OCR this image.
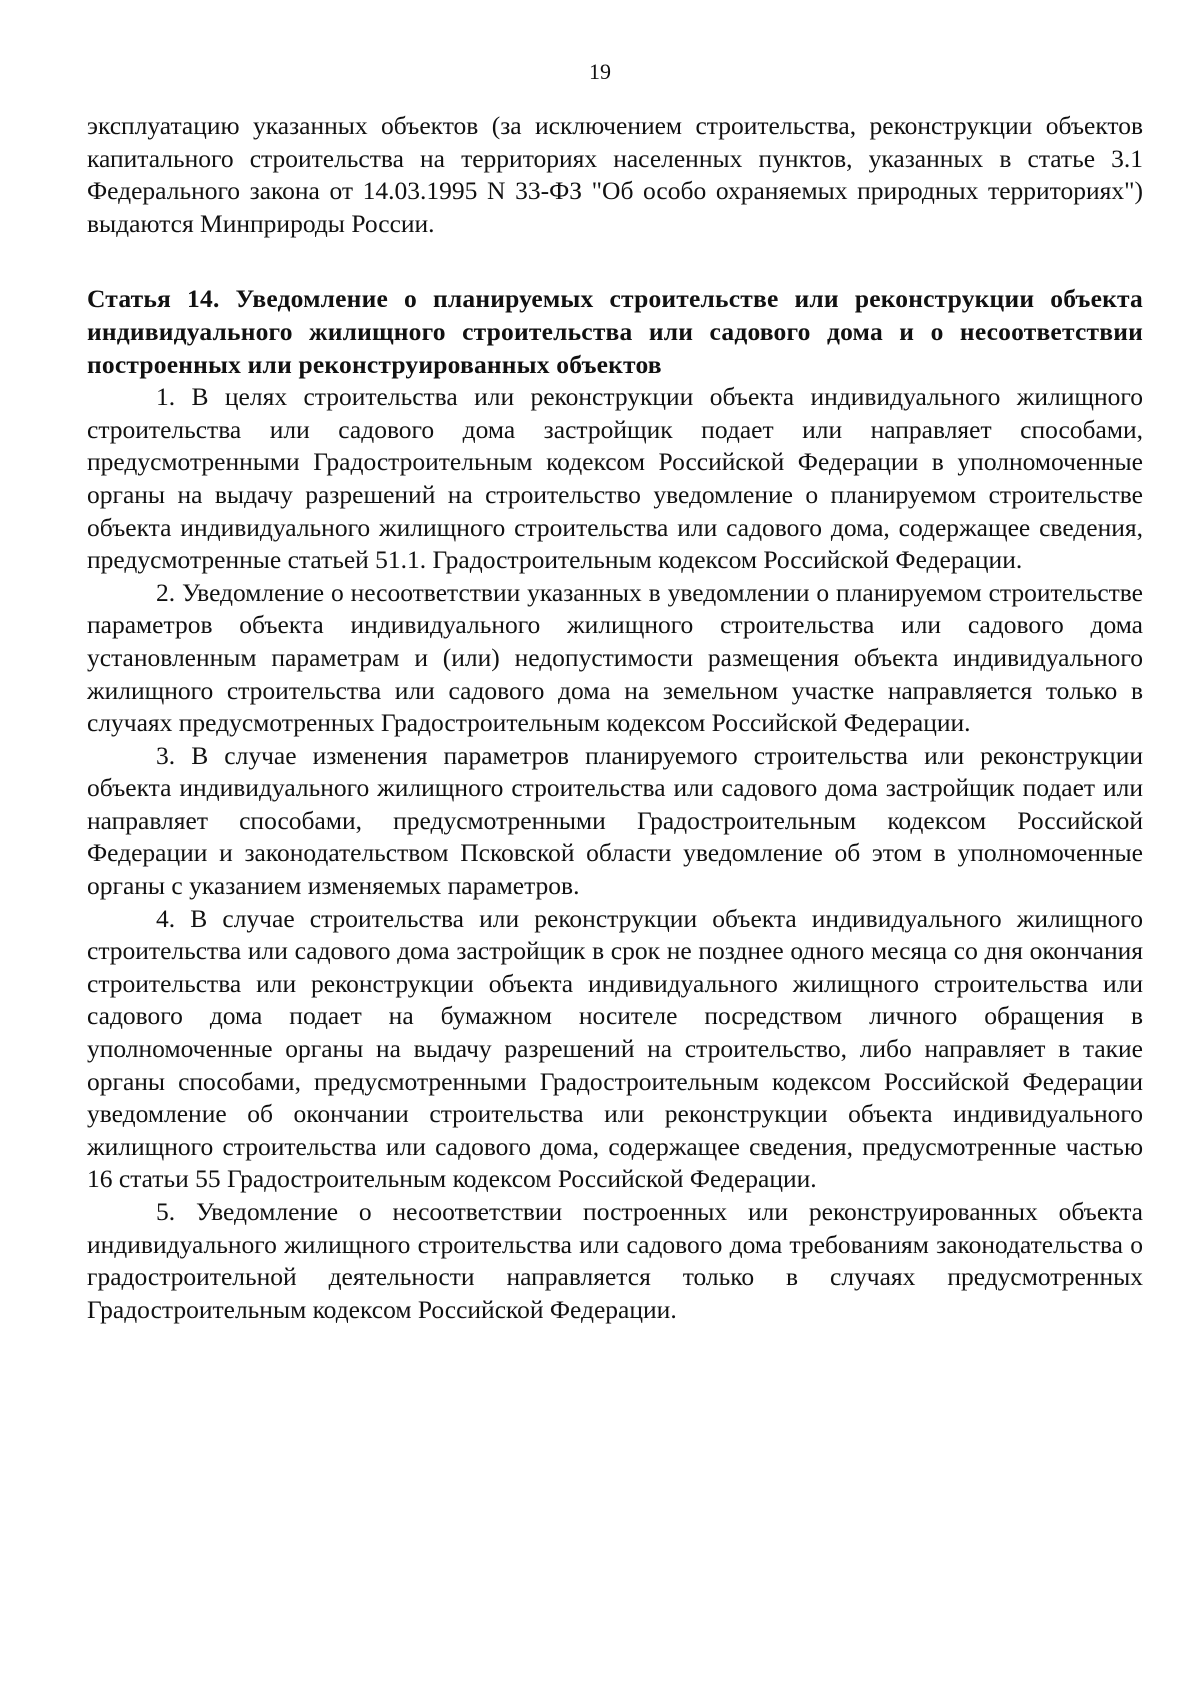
19

эксплуатацию указанных объектов (за исключением строительства, реконструкции объектов капитального строительства на территориях населенных пунктов, указанных в статье 3.1 Федерального закона от 14.03.1995 N 33-ФЗ "Об особо охраняемых природных территориях") выдаются Минприроды России.

Статья 14. Уведомление о планируемых строительстве или реконструкции объекта индивидуального жилищного строительства или садового дома и о несоответствии построенных или реконструированных объектов

1. В целях строительства или реконструкции объекта индивидуального жилищного строительства или садового дома застройщик подает или направляет способами, предусмотренными Градостроительным кодексом Российской Федерации в уполномоченные органы на выдачу разрешений на строительство уведомление о планируемом строительстве объекта индивидуального жилищного строительства или садового дома, содержащее сведения, предусмотренные статьей 51.1. Градостроительным кодексом Российской Федерации.

2. Уведомление о несоответствии указанных в уведомлении о планируемом строительстве параметров объекта индивидуального жилищного строительства или садового дома установленным параметрам и (или) недопустимости размещения объекта индивидуального жилищного строительства или садового дома на земельном участке направляется только в случаях предусмотренных Градостроительным кодексом Российской Федерации.

3. В случае изменения параметров планируемого строительства или реконструкции объекта индивидуального жилищного строительства или садового дома застройщик подает или направляет способами, предусмотренными Градостроительным кодексом Российской Федерации и законодательством Псковской области уведомление об этом в уполномоченные органы с указанием изменяемых параметров.

4. В случае строительства или реконструкции объекта индивидуального жилищного строительства или садового дома застройщик в срок не позднее одного месяца со дня окончания строительства или реконструкции объекта индивидуального жилищного строительства или садового дома подает на бумажном носителе посредством личного обращения в уполномоченные органы на выдачу разрешений на строительство, либо направляет в такие органы способами, предусмотренными Градостроительным кодексом Российской Федерации уведомление об окончании строительства или реконструкции объекта индивидуального жилищного строительства или садового дома, содержащее сведения, предусмотренные частью 16 статьи 55 Градостроительным кодексом Российской Федерации.

5. Уведомление о несоответствии построенных или реконструированных объекта индивидуального жилищного строительства или садового дома требованиям законодательства о градостроительной деятельности направляется только в случаях предусмотренных Градостроительным кодексом Российской Федерации.
